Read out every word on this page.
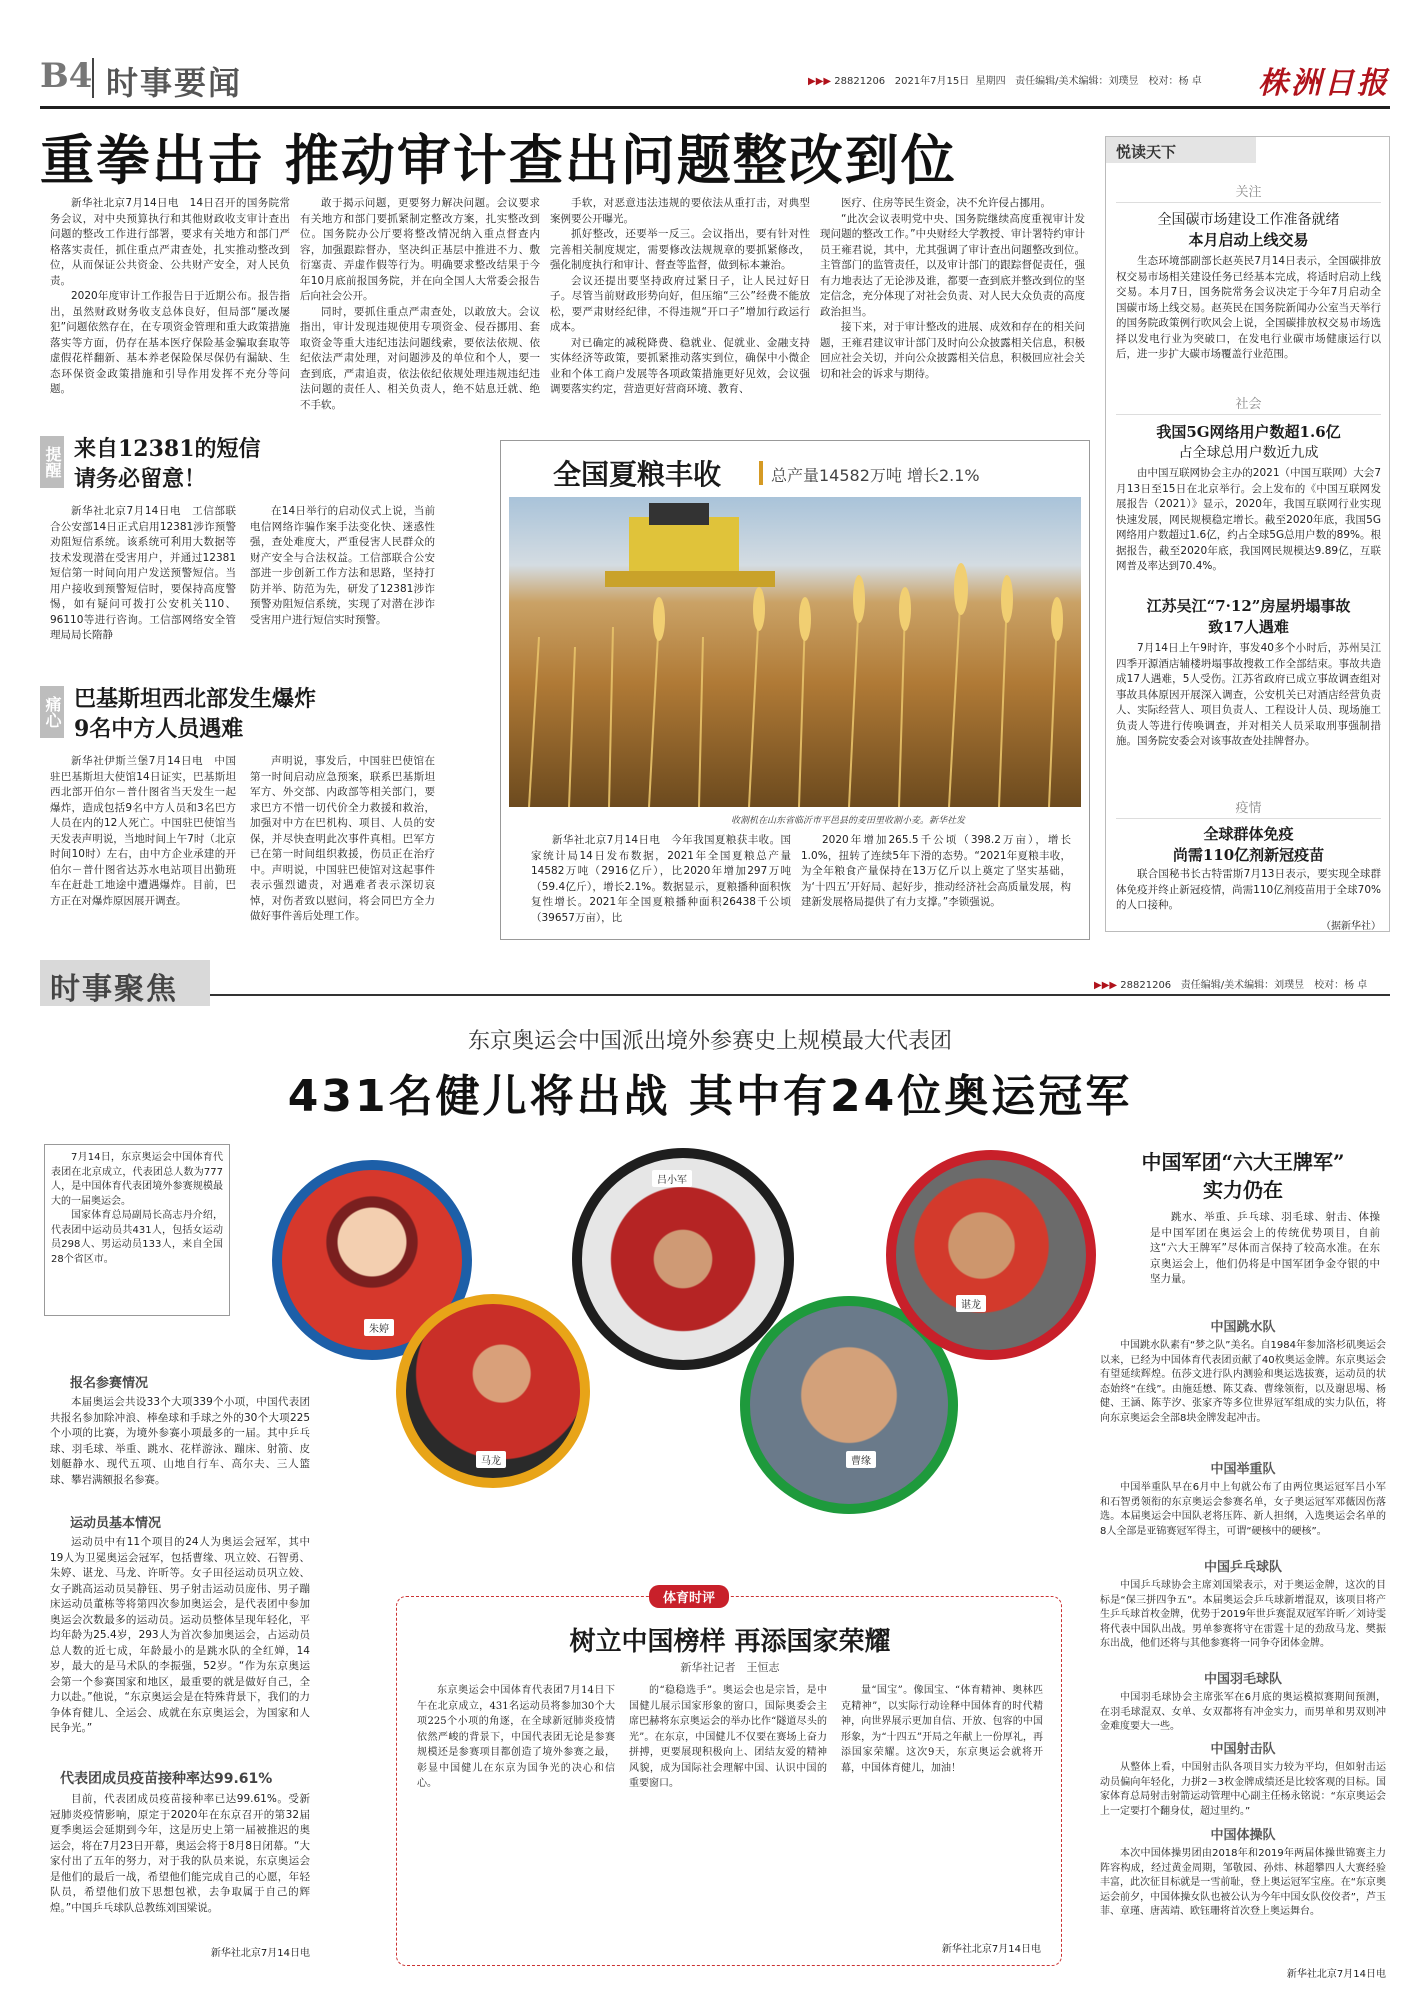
B4 时事要闻	▶▶▶ 28821206 2021年7月15日 星期四 责任编辑/美术编辑：刘璞昱　校对：杨 卓 株洲日报
重拳出击 推动审计查出问题整改到位

新华社北京7月14日电　14日召开的国务院常务会议，对中央预算执行和其他财政收支审计查出问题的整改工作进行部署，要求有关地方和部门严格落实责任，抓住重点严肃查处，扎实推动整改到位，从而保证公共资金、公共财产安全，对人民负责。

2020年度审计工作报告日于近期公布。报告指出，虽然财政财务收支总体良好，但局部“屡改屡犯”问题依然存在，在专项资金管理和重大政策措施落实等方面，仍存在基本医疗保险基金骗取套取等虚假花样翻新、基本养老保险保尽保仍有漏缺、生态环保资金政策措施和引导作用发挥不充分等问题。

敢于揭示问题，更要努力解决问题。会议要求有关地方和部门要抓紧制定整改方案，扎实整改到位。国务院办公厅要将整改情况纳入重点督查内容，加强跟踪督办，坚决纠正基层中推进不力、敷衍塞责、弄虚作假等行为。明确要求整改结果于今年10月底前报国务院，并在向全国人大常委会报告后向社会公开。

同时，要抓住重点严肃查处，以敢放大。会议指出，审计发现违规使用专项资金、侵吞挪用、套取资金等重大违纪违法问题线索，要依法依规、依纪依法严肃处理，对问题涉及的单位和个人，要一查到底，严肃追责，依法依纪依规处理违规违纪违法问题的责任人、相关负责人，绝不姑息迁就、绝不手软。

手软，对恶意违法违规的要依法从重打击，对典型案例要公开曝光。

抓好整改，还要举一反三。会议指出，要有针对性完善相关制度规定，需要修改法规规章的要抓紧修改，强化制度执行和审计、督查等监督，做到标本兼治。

会议还提出要坚持政府过紧日子，让人民过好日子。尽管当前财政形势向好，但压缩“三公”经费不能放松，要严肃财经纪律，不得违规“开口子”增加行政运行成本。

对已确定的减税降费、稳就业、促就业、金融支持实体经济等政策，要抓紧推动落实到位，确保中小微企业和个体工商户发展等各项政策措施更好见效，会议强调要落实约定，营造更好营商环境、教育、

医疗、住房等民生资金，决不允许侵占挪用。

“此次会议表明党中央、国务院继续高度重视审计发现问题的整改工作。”中央财经大学教授、审计署特约审计员王雍君说，其中，尤其强调了审计查出问题整改到位。主管部门的监管责任，以及审计部门的跟踪督促责任，强有力地表达了无论涉及谁，都要一查到底并整改到位的坚定信念，充分体现了对社会负责、对人民大众负责的高度政治担当。

接下来，对于审计整改的进展、成效和存在的相关问题，王雍君建议审计部门及时向公众披露相关信息，积极回应社会关切，并向公众披露相关信息，积极回应社会关切和社会的诉求与期待。

提醒 来自12381的短信
请务必留意！

新华社北京7月14日电　工信部联合公安部14日正式启用12381涉诈预警劝阻短信系统。该系统可利用大数据等技术发现潜在受害用户，并通过12381短信第一时间向用户发送预警短信。当用户接收到预警短信时，要保持高度警惕，如有疑问可拨打公安机关110、96110等进行咨询。工信部网络安全管理局局长隋静

在14日举行的启动仪式上说，当前电信网络诈骗作案手法变化快、迷惑性强，查处难度大，严重侵害人民群众的财产安全与合法权益。工信部联合公安部进一步创新工作方法和思路，坚持打防并举、防范为先，研发了12381涉诈预警劝阻短信系统，实现了对潜在涉诈受害用户进行短信实时预警。

痛心 巴基斯坦西北部发生爆炸
9名中方人员遇难

新华社伊斯兰堡7月14日电　中国驻巴基斯坦大使馆14日证实，巴基斯坦西北部开伯尔－普什图省当天发生一起爆炸，造成包括9名中方人员和3名巴方人员在内的12人死亡。中国驻巴使馆当天发表声明说，当地时间上午7时（北京时间10时）左右，由中方企业承建的开伯尔－普什图省达苏水电站项目出勤班车在赶赴工地途中遭遇爆炸。目前，巴方正在对爆炸原因展开调查。

声明说，事发后，中国驻巴使馆在第一时间启动应急预案，联系巴基斯坦军方、外交部、内政部等相关部门，要求巴方不惜一切代价全力救援和救治，加强对中方在巴机构、项目、人员的安保，并尽快查明此次事件真相。巴军方已在第一时间组织救援，伤员正在治疗中。声明说，中国驻巴使馆对这起事件表示强烈谴责，对遇难者表示深切哀悼，对伤者致以慰问，将会同巴方全力做好事件善后处理工作。

全国夏粮丰收	总产量14582万吨 增长2.1%
收割机在山东省临沂市平邑县的麦田里收割小麦。新华社发

新华社北京7月14日电　今年我国夏粮获丰收。国家统计局14日发布数据，2021年全国夏粮总产量14582万吨（2916亿斤），比2020年增加297万吨（59.4亿斤），增长2.1%。数据显示，夏粮播种面积恢复性增长。2021年全国夏粮播种面积26438千公顷（39657万亩），比

2020年增加265.5千公顷（398.2万亩），增长1.0%，扭转了连续5年下滑的态势。“2021年夏粮丰收，为全年粮食产量保持在13万亿斤以上奠定了坚实基础，为‘十四五’开好局、起好步，推动经济社会高质量发展，构建新发展格局提供了有力支撑。”李锁强说。

悦读天下
关注
全国碳市场建设工作准备就绪
本月启动上线交易

生态环境部副部长赵英民7月14日表示，全国碳排放权交易市场相关建设任务已经基本完成，将适时启动上线交易。本月7日，国务院常务会议决定于今年7月启动全国碳市场上线交易。赵英民在国务院新闻办公室当天举行的国务院政策例行吹风会上说，全国碳排放权交易市场选择以发电行业为突破口，在发电行业碳市场健康运行以后，进一步扩大碳市场覆盖行业范围。

社会
我国5G网络用户数超1.6亿
占全球总用户数近九成

由中国互联网协会主办的2021（中国互联网）大会7月13日至15日在北京举行。会上发布的《中国互联网发展报告（2021）》显示，2020年，我国互联网行业实现快速发展，网民规模稳定增长。截至2020年底，我国5G网络用户数超过1.6亿，约占全球5G总用户数的89%。根据报告，截至2020年底，我国网民规模达9.89亿，互联网普及率达到70.4%。

江苏吴江“7·12”房屋坍塌事故
致17人遇难

7月14日上午9时许，事发40多个小时后，苏州吴江四季开源酒店辅楼坍塌事故搜救工作全部结束。事故共造成17人遇难，5人受伤。江苏省政府已成立事故调查组对事故具体原因开展深入调查，公安机关已对酒店经营负责人、实际经营人、项目负责人、工程设计人员、现场施工负责人等进行传唤调查，并对相关人员采取刑事强制措施。国务院安委会对该事故查处挂牌督办。

疫情
全球群体免疫
尚需110亿剂新冠疫苗

联合国秘书长古特雷斯7月13日表示，要实现全球群体免疫并终止新冠疫情，尚需110亿剂疫苗用于全球70%的人口接种。

（据新华社）
时事聚焦	▶▶▶ 28821206 责任编辑/美术编辑：刘璞昱　校对：杨 卓
东京奥运会中国派出境外参赛史上规模最大代表团
431名健儿将出战 其中有24位奥运冠军

7月14日，东京奥运会中国体育代表团在北京成立，代表团总人数为777人，是中国体育代表团境外参赛规模最大的一届奥运会。

国家体育总局副局长高志丹介绍，代表团中运动员共431人，包括女运动员298人、男运动员133人，来自全国28个省区市。

朱婷
马龙
吕小军
曹缘
谌龙
报名参赛情况

本届奥运会共设33个大项339个小项，中国代表团共报名参加除冲浪、棒垒球和手球之外的30个大项225个小项的比赛，为境外参赛小项最多的一届。其中乒乓球、羽毛球、举重、跳水、花样游泳、蹦床、射箭、皮划艇静水、现代五项、山地自行车、高尔夫、三人篮球、攀岩满额报名参赛。

运动员基本情况

运动员中有11个项目的24人为奥运会冠军，其中19人为卫冕奥运会冠军，包括曹缘、巩立姣、石智勇、朱婷、谌龙、马龙、许昕等。女子田径运动员巩立姣、女子跳高运动员吴静钰、男子射击运动员庞伟、男子蹦床运动员董栋等将第四次参加奥运会，是代表团中参加奥运会次数最多的运动员。运动员整体呈现年轻化，平均年龄为25.4岁，293人为首次参加奥运会，占运动员总人数的近七成，年龄最小的是跳水队的全红婵，14岁，最大的是马术队的李振强，52岁。“作为东京奥运会第一个参赛国家和地区，最重要的就是做好自己，全力以赴。”他说，“东京奥运会是在特殊背景下，我们的力争体育健儿、全运会、成就在东京奥运会，为国家和人民争光。”

代表团成员疫苗接种率达99.61%

目前，代表团成员疫苗接种率已达99.61%。受新冠肺炎疫情影响，原定于2020年在东京召开的第32届夏季奥运会延期到今年，这是历史上第一届被推迟的奥运会，将在7月23日开幕，奥运会将于8月8日闭幕。“大家付出了五年的努力，对于我的队员来说，东京奥运会是他们的最后一战，希望他们能完成自己的心愿，年轻队员，希望他们放下思想包袱，去争取属于自己的辉煌。”中国乒乓球队总教练刘国梁说。

新华社北京7月14日电
体育时评
树立中国榜样 再添国家荣耀
新华社记者　王恒志

东京奥运会中国体育代表团7月14日下午在北京成立，431名运动员将参加30个大项225个小项的角逐，在全球新冠肺炎疫情依然严峻的背景下，中国代表团无论是参赛规模还是参赛项目都创造了境外参赛之最，彰显中国健儿在东京为国争光的决心和信心。

的“稳稳选手”。奥运会也是宗旨，是中国健儿展示国家形象的窗口，国际奥委会主席巴赫将东京奥运会的举办比作“隧道尽头的光”。在东京，中国健儿不仅要在赛场上奋力拼搏，更要展现积极向上、团结友爱的精神风貌，成为国际社会理解中国、认识中国的重要窗口。

量“国宝”。像国宝、“体育精神、奥林匹克精神”，以实际行动诠释中国体育的时代精神，向世界展示更加自信、开放、包容的中国形象，为“十四五”开局之年献上一份厚礼，再添国家荣耀。这次9天，东京奥运会就将开幕，中国体育健儿，加油！

新华社北京7月14日电
中国军团“六大王牌军”
实力仍在

跳水、举重、乒乓球、羽毛球、射击、体操是中国军团在奥运会上的传统优势项目，自前这“六大王牌军”尽体而言保持了较高水准。在东京奥运会上，他们仍将是中国军团争金夺银的中坚力量。

中国跳水队

中国跳水队素有“梦之队”美名。自1984年参加洛杉矶奥运会以来，已经为中国体育代表团贡献了40枚奥运金牌。东京奥运会有望延续辉煌。伍莎文进行队内测验和奥运选拔赛，运动员的状态始终“在线”。由施廷懋、陈艾森、曹缘领衔，以及谢思埸、杨健、王涵、陈芋汐、张家齐等多位世界冠军组成的实力队伍，将向东京奥运会全部8块金牌发起冲击。

中国举重队

中国举重队早在6月中上旬就公布了由两位奥运冠军吕小军和石智勇领衔的东京奥运会参赛名单，女子奥运冠军邓薇因伤落选。本届奥运会中国队老将压阵、新人担纲，入选奥运会名单的8人全部是亚锦赛冠军得主，可谓“硬核中的硬核”。

中国乒乓球队

中国乒乓球协会主席刘国梁表示，对于奥运金牌，这次的目标是“保三拼四争五”。本届奥运会乒乓球新增混双，该项目将产生乒乓球首枚金牌，优势于2019年世乒赛混双冠军许昕／刘诗雯将代表中国队出战。男单参赛将守在雷霆十足的劲敌马龙、樊振东出战，他们还将与其他参赛将一同争夺团体金牌。

中国羽毛球队

中国羽毛球协会主席张军在6月底的奥运模拟赛期间预测，在羽毛球混双、女单、女双都将有冲金实力，而男单和男双则冲金难度要大一些。

中国射击队

从整体上看，中国射击队各项目实力较为平均，但如射击运动员偏向年轻化，力拼2－3枚金牌成绩还是比较客观的目标。国家体育总局射击射箭运动管理中心副主任杨永铭说：“东京奥运会上一定要打个翻身仗，超过里约。”

中国体操队

本次中国体操男团由2018年和2019年两届体操世锦赛主力阵容构成，经过黄金周期，邹敬园、孙炜、林超攀四人大赛经验丰富，此次征目标就是一雪前耻，登上奥运冠军宝座。在“东京奥运会前夕，中国体操女队也被公认为今年中国女队佼佼者”，芦玉菲、章瑾、唐茜靖、欧钰珊将首次登上奥运舞台。

新华社北京7月14日电
